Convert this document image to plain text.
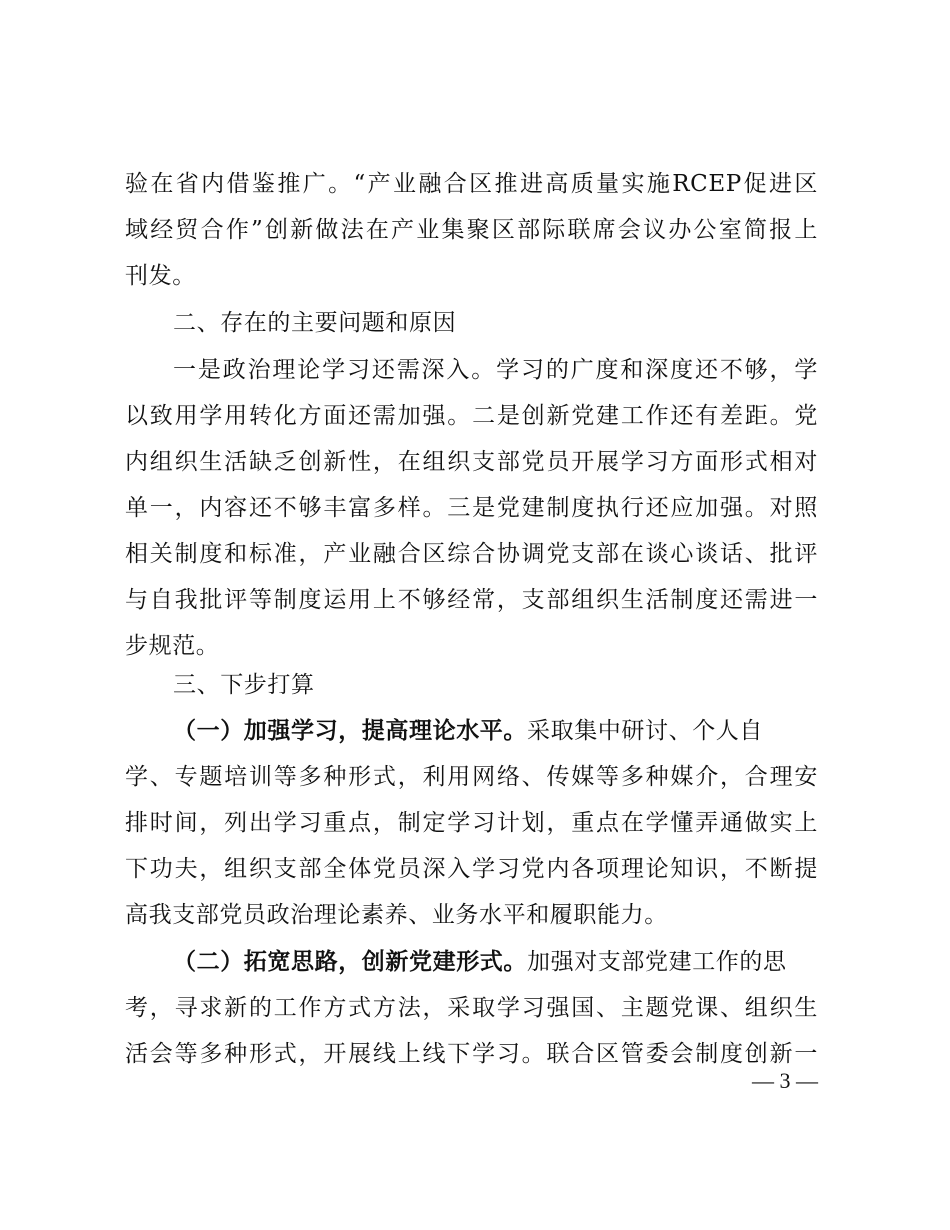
验在省内借鉴推广。“产业融合区推进高质量实施RCEP促进区
域经贸合作”创新做法在产业集聚区部际联席会议办公室简报上
刊发。
二、存在的主要问题和原因
一是政治理论学习还需深入。学习的广度和深度还不够，学
以致用学用转化方面还需加强。二是创新党建工作还有差距。党
内组织生活缺乏创新性，在组织支部党员开展学习方面形式相对
单一，内容还不够丰富多样。三是党建制度执行还应加强。对照
相关制度和标准，产业融合区综合协调党支部在谈心谈话、批评
与自我批评等制度运用上不够经常，支部组织生活制度还需进一
步规范。
三、下步打算
（一）加强学习，提高理论水平。采取集中研讨、个人自
学、专题培训等多种形式，利用网络、传媒等多种媒介，合理安
排时间，列出学习重点，制定学习计划，重点在学懂弄通做实上
下功夫，组织支部全体党员深入学习党内各项理论知识，不断提
高我支部党员政治理论素养、业务水平和履职能力。
（二）拓宽思路，创新党建形式。加强对支部党建工作的思
考，寻求新的工作方式方法，采取学习强国、主题党课、组织生
活会等多种形式，开展线上线下学习。联合区管委会制度创新一
— 3 —
